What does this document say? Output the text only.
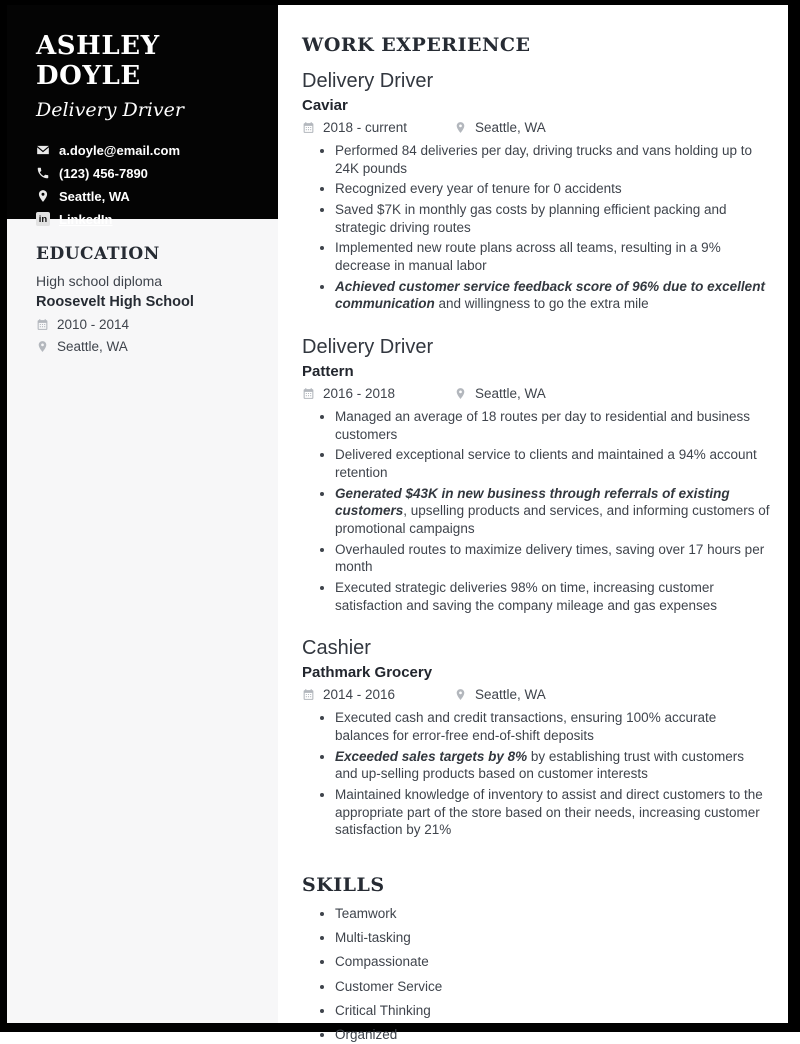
ASHLEY DOYLE
Delivery Driver
a.doyle@email.com
(123) 456-7890
Seattle, WA
in LinkedIn
EDUCATION
High school diploma
Roosevelt High School
2010 - 2014
Seattle, WA
WORK EXPERIENCE
Delivery Driver
Caviar
2018 - current	Seattle, WA
• Performed 84 deliveries per day, driving trucks and vans holding up to 24K pounds
• Recognized every year of tenure for 0 accidents
• Saved $7K in monthly gas costs by planning efficient packing and strategic driving routes
• Implemented new route plans across all teams, resulting in a 9% decrease in manual labor
• Achieved customer service feedback score of 96% due to excellent communication and willingness to go the extra mile
Delivery Driver
Pattern
2016 - 2018	Seattle, WA
• Managed an average of 18 routes per day to residential and business customers
• Delivered exceptional service to clients and maintained a 94% account retention
• Generated $43K in new business through referrals of existing customers, upselling products and services, and informing customers of promotional campaigns
• Overhauled routes to maximize delivery times, saving over 17 hours per month
• Executed strategic deliveries 98% on time, increasing customer satisfaction and saving the company mileage and gas expenses
Cashier
Pathmark Grocery
2014 - 2016	Seattle, WA
• Executed cash and credit transactions, ensuring 100% accurate balances for error-free end-of-shift deposits
• Exceeded sales targets by 8% by establishing trust with customers and up-selling products based on customer interests
• Maintained knowledge of inventory to assist and direct customers to the appropriate part of the store based on their needs, increasing customer satisfaction by 21%
SKILLS
• Teamwork
• Multi-tasking
• Compassionate
• Customer Service
• Critical Thinking
• Organized
